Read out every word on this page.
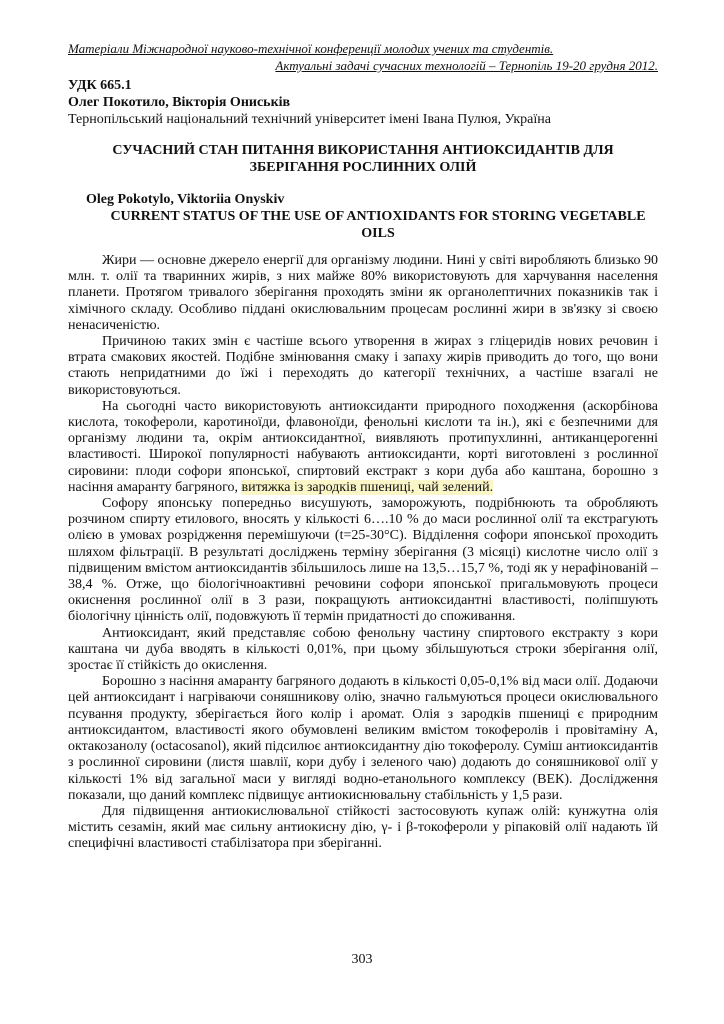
Матеріали Міжнародної науково-технічної конференції молодих учених та студентів.
Актуальні задачі сучасних технологій – Тернопіль 19-20 грудня 2012.
УДК 665.1
Олег Покотило, Вікторія Ониськів
Тернопільський національний технічний університет імені Івана Пулюя, Україна
СУЧАСНИЙ СТАН ПИТАННЯ ВИКОРИСТАННЯ АНТИОКСИДАНТІВ ДЛЯ ЗБЕРІГАННЯ РОСЛИННИХ ОЛІЙ
Oleg Pokotylo, Viktoriia Onyskiv
CURRENT STATUS OF THE USE OF ANTIOXIDANTS FOR STORING VEGETABLE OILS

Жири — основне джерело енергії для організму людини. Нині у світі виробляють близько 90 млн. т. олії та тваринних жирів, з них майже 80% використовують для харчування населення планети. Протягом тривалого зберігання проходять зміни як органолептичних показників так і хімічного складу. Особливо піддані окислювальним процесам рослинні жири в зв'язку зі своєю ненасиченістю.

Причиною таких змін є частіше всього утворення в жирах з гліцеридів нових речовин і втрата смакових якостей. Подібне змінювання смаку і запаху жирів приводить до того, що вони стають непридатними до їжі і переходять до категорії технічних, а частіше взагалі не використовуються.

На сьогодні часто використовують антиоксиданти природного походження (аскорбінова кислота, токофероли, каротиноїди, флавоноїди, фенольні кислоти та ін.), які є безпечними для організму людини та, окрім антиоксидантної, виявляють протипухлинні, антиканцерогенні властивості. Широкої популярності набувають антиоксиданти, корті виготовлені з рослинної сировини: плоди софори японської, спиртовий екстракт з кори дуба або каштана, борошно з насіння амаранту багряного, витяжка із зародків пшениці, чай зелений.

Софору японську попередньо висушують, заморожують, подрібнюють та обробляють розчином спирту етилового, вносять у кількості 6….10 % до маси рослинної олії та екстрагують олією в умовах розрідження перемішуючи (t=25-30°С). Відділення софори японської проходить шляхом фільтрації. В результаті досліджень терміну зберігання (3 місяці) кислотне число олії з підвищеним вмістом антиоксидантів збільшилось лише на 13,5…15,7 %, тоді як у нерафінованій – 38,4 %. Отже, що біологічноактивні речовини софори японської пригальмовують процеси окиснення рослинної олії в 3 рази, покращують антиоксидантні властивості, поліпшують біологічну цінність олії, подовжують її термін придатності до споживання.

Антиоксидант, який представляє собою фенольну частину спиртового екстракту з кори каштана чи дуба вводять в кількості 0,01%, при цьому збільшуються строки зберігання олії, зростає її стійкість до окислення.

Борошно з насіння амаранту багряного додають в кількості 0,05-0,1% від маси олії. Додаючи цей антиоксидант і нагріваючи соняшникову олію, значно гальмуються процеси окислювального псування продукту, зберігається його колір і аромат. Олія з зародків пшениці є природним антиоксидантом, властивості якого обумовлені великим вмістом токоферолів і провітаміну А, октакозанолу (octacosanol), який підсилює антиоксидантну дію токоферолу. Суміш антиоксидантів з рослинної сировини (листя шавлії, кори дубу і зеленого чаю) додають до соняшникової олії у кількості 1% від загальної маси у вигляді водно-етанольного комплексу (ВЕК). Дослідження показали, що даний комплекс підвищує антиокиснювальну стабільність у 1,5 рази.

Для підвищення антиокислювальної стійкості застосовують купаж олій: кунжутна олія містить сезамін, який має сильну антиокисну дію, γ- і β-токофероли у ріпаковій олії надають їй специфічні властивості стабілізатора при зберіганні.

303
